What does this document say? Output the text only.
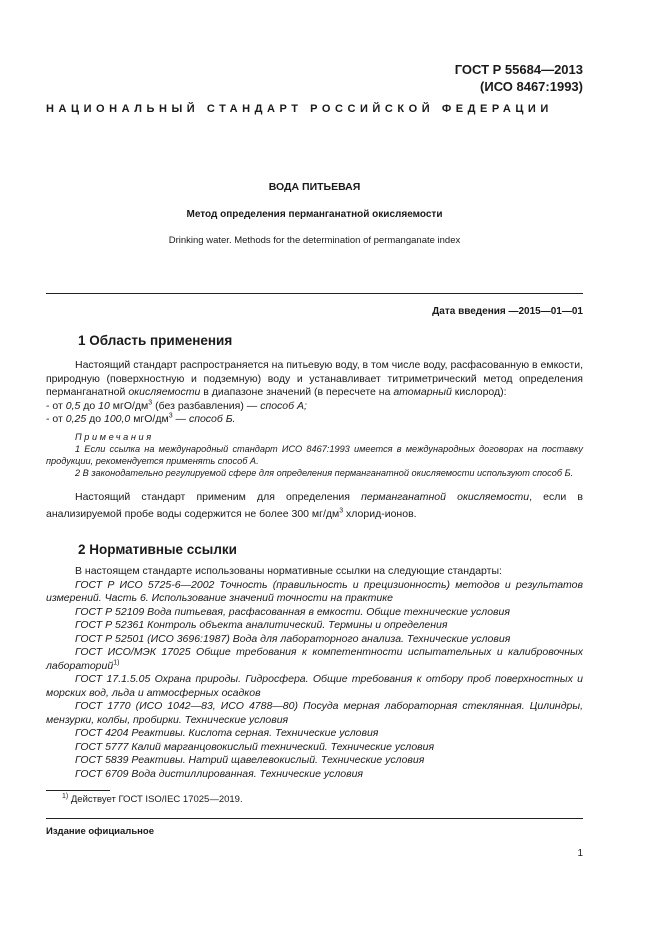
ГОСТ Р 55684—2013
(ИСО 8467:1993)
НАЦИОНАЛЬНЫЙ СТАНДАРТ РОССИЙСКОЙ ФЕДЕРАЦИИ
ВОДА ПИТЬЕВАЯ
Метод определения перманганатной окисляемости
Drinking water. Methods for the determination of permanganate index
Дата введения —2015—01—01
1 Область применения
Настоящий стандарт распространяется на питьевую воду, в том числе воду, расфасованную в емкости, природную (поверхностную и подземную) воду и устанавливает титриметрический метод определения перманганатной окисляемости в диапазоне значений (в пересчете на атомарный кислород):
- от 0,5 до 10 мгО/$дм^3$ (без разбавления) — способ А;
- от 0,25 до 100,0 мгО/$дм^3$ — способ Б.
Примечания
1 Если ссылка на международный стандарт ИСО 8467:1993 имеется в международных договорах на поставку продукции, рекомендуется применять способ А.
2 В законодательно регулируемой сфере для определения перманганатной окисляемости используют способ Б.
Настоящий стандарт применим для определения перманганатной окисляемости, если в анализируемой пробе воды содержится не более 300 $мг/дм^3$ хлорид-ионов.
2 Нормативные ссылки
В настоящем стандарте использованы нормативные ссылки на следующие стандарты:
ГОСТ Р ИСО 5725-6—2002 Точность (правильность и прецизионность) методов и результатов измерений. Часть 6. Использование значений точности на практике
ГОСТ Р 52109 Вода питьевая, расфасованная в емкости. Общие технические условия
ГОСТ Р 52361 Контроль объекта аналитический. Термины и определения
ГОСТ Р 52501 (ИСО 3696:1987) Вода для лабораторного анализа. Технические условия
ГОСТ ИСО/МЭК 17025 Общие требования к компетентности испытательных и калибровочных лабораторий$^{1)}$
ГОСТ 17.1.5.05 Охрана природы. Гидросфера. Общие требования к отбору проб поверхностных и морских вод, льда и атмосферных осадков
ГОСТ 1770 (ИСО 1042—83, ИСО 4788—80) Посуда мерная лабораторная стеклянная. Цилиндры, мензурки, колбы, пробирки. Технические условия
ГОСТ 4204 Реактивы. Кислота серная. Технические условия
ГОСТ 5777 Калий марганцовокислый технический. Технические условия
ГОСТ 5839 Реактивы. Натрий щавелевокислый. Технические условия
ГОСТ 6709 Вода дистиллированная. Технические условия
$^{1)}$ Действует ГОСТ ISO/IEC 17025—2019.
Издание официальное
1
